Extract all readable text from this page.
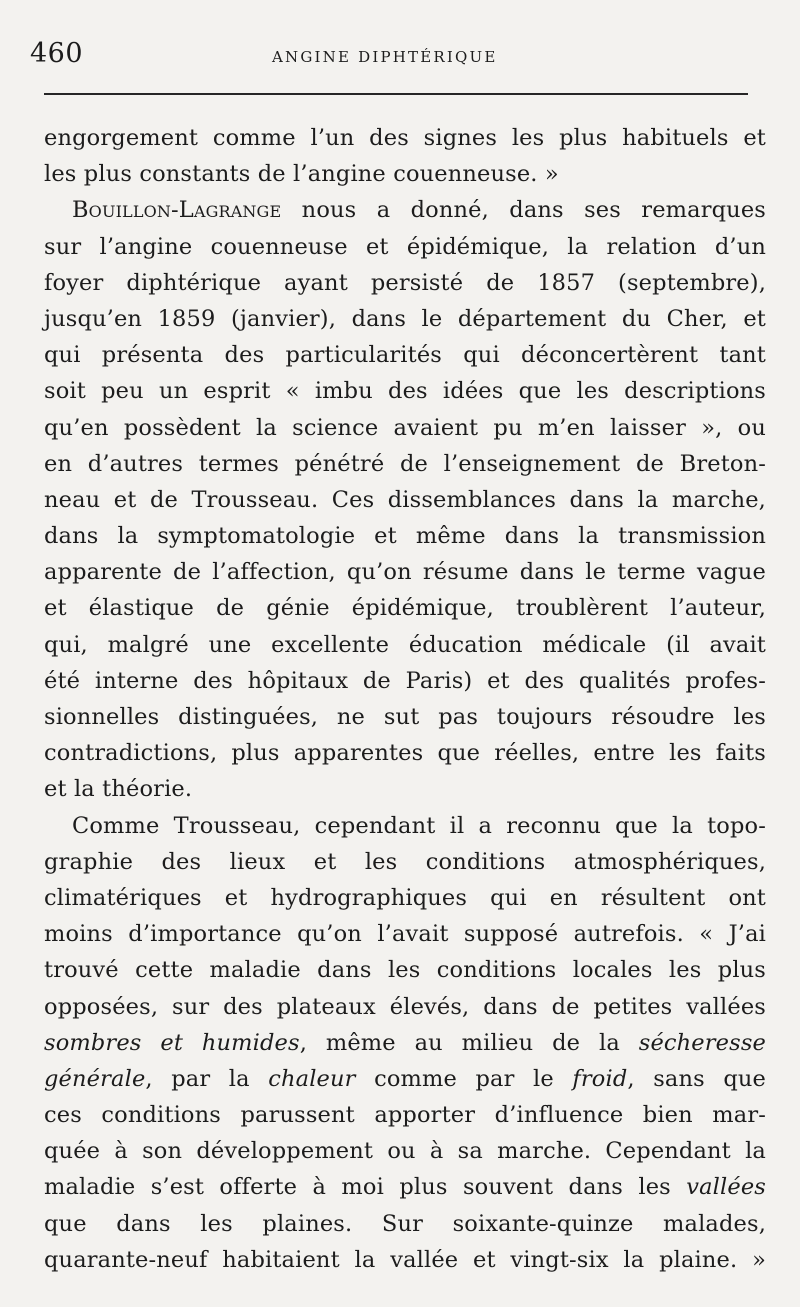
460	ANGINE DIPHTÉRIQUE
engorgement comme l’un des signes les plus habituels et
les plus constants de l’angine couenneuse. »
Bouillon-Lagrange nous a donné, dans ses remarques
sur l’angine couenneuse et épidémique, la relation d’un
foyer diphtérique ayant persisté de 1857 (septembre),
jusqu’en 1859 (janvier), dans le département du Cher, et
qui présenta des particularités qui déconcertèrent tant
soit peu un esprit « imbu des idées que les descriptions
qu’en possèdent la science avaient pu m’en laisser », ou
en d’autres termes pénétré de l’enseignement de Breton-
neau et de Trousseau. Ces dissemblances dans la marche,
dans la symptomatologie et même dans la transmission
apparente de l’affection, qu’on résume dans le terme vague
et élastique de génie épidémique, troublèrent l’auteur,
qui, malgré une excellente éducation médicale (il avait
été interne des hôpitaux de Paris) et des qualités profes-
sionnelles distinguées, ne sut pas toujours résoudre les
contradictions, plus apparentes que réelles, entre les faits
et la théorie.
Comme Trousseau, cependant il a reconnu que la topo-
graphie des lieux et les conditions atmosphériques,
climatériques et hydrographiques qui en résultent ont
moins d’importance qu’on l’avait supposé autrefois. « J’ai
trouvé cette maladie dans les conditions locales les plus
opposées, sur des plateaux élevés, dans de petites vallées
sombres et humides, même au milieu de la sécheresse
générale, par la chaleur comme par le froid, sans que
ces conditions parussent apporter d’influence bien mar-
quée à son développement ou à sa marche. Cependant la
maladie s’est offerte à moi plus souvent dans les vallées
que dans les plaines. Sur soixante-quinze malades,
quarante-neuf habitaient la vallée et vingt-six la plaine. »
